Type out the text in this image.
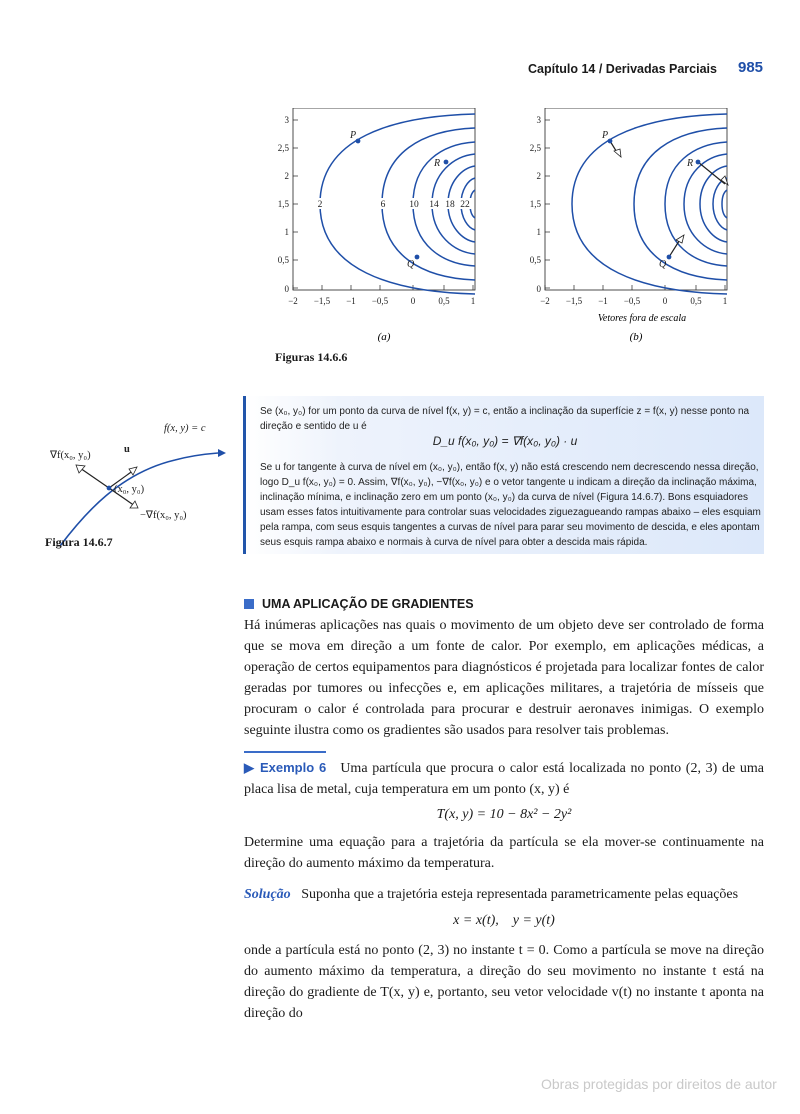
Capítulo 14 / Derivadas Parciais 985
3
2,5
2
1,5
1
0,5
0
−2 −1,5 −1 −0,5	0	0,5 1
P
R
Q
2	6	10 14 18 22
(a)
3
2,5
2
1,5
1
0,5
0
−2 −1,5 −1 −0,5	0	0,5 1
P
R
Q
Vetores fora de escala
(b)
Figuras 14.6.6
f(x, y) = c
u
∇f(x₀, y₀)
(x₀, y₀)
−∇f(x₀, y₀)
Figura 14.6.7
Se (x₀, y₀) for um ponto da curva de nível f(x, y) = c, então a inclinação da superfície z = f(x, y) nesse ponto na
direção e sentido de u é
D_u f(x₀, y₀) = ∇f(x₀, y₀) · u
Se u for tangente à curva de nível em (x₀, y₀), então f(x, y) não está crescendo nem decrescendo nessa direção,
logo D_u f(x₀, y₀) = 0. Assim, ∇f(x₀, y₀), −∇f(x₀, y₀) e o vetor tangente u indicam a direção da inclinação máxima,
inclinação mínima, e inclinação zero em um ponto (x₀, y₀) da curva de nível (Figura 14.6.7). Bons esquiadores
usam esses fatos intuitivamente para controlar suas velocidades ziguezagueando rampas abaixo – eles esquiam
pela rampa, com seus esquis tangentes a curvas de nível para parar seu movimento de descida, e eles apontam
seus esquis rampa abaixo e normais à curva de nível para obter a descida mais rápida.
UMA APLICAÇÃO DE GRADIENTES
Há inúmeras aplicações nas quais o movimento de um objeto deve ser controlado de forma que se mova em direção a um fonte de calor. Por exemplo, em aplicações médicas, a operação de certos equipamentos para diagnósticos é projetada para localizar fontes de calor geradas por tumores ou infecções e, em aplicações militares, a trajetória de mísseis que procuram o calor é controlada para procurar e destruir aeronaves inimigas. O exemplo seguinte ilustra como os gradientes são usados para resolver tais problemas.
▶ Exemplo 6 Uma partícula que procura o calor está localizada no ponto (2, 3) de uma placa lisa de metal, cuja temperatura em um ponto (x, y) é
T(x, y) = 10 − 8x² − 2y²
Determine uma equação para a trajetória da partícula se ela mover-se continuamente na direção do aumento máximo da temperatura.
Solução Suponha que a trajetória esteja representada parametricamente pelas equações
x = x(t),    y = y(t)
onde a partícula está no ponto (2, 3) no instante t = 0. Como a partícula se move na direção do aumento máximo da temperatura, a direção do seu movimento no instante t está na direção do gradiente de T(x, y) e, portanto, seu vetor velocidade v(t) no instante t aponta na direção do
Obras protegidas por direitos de autor
